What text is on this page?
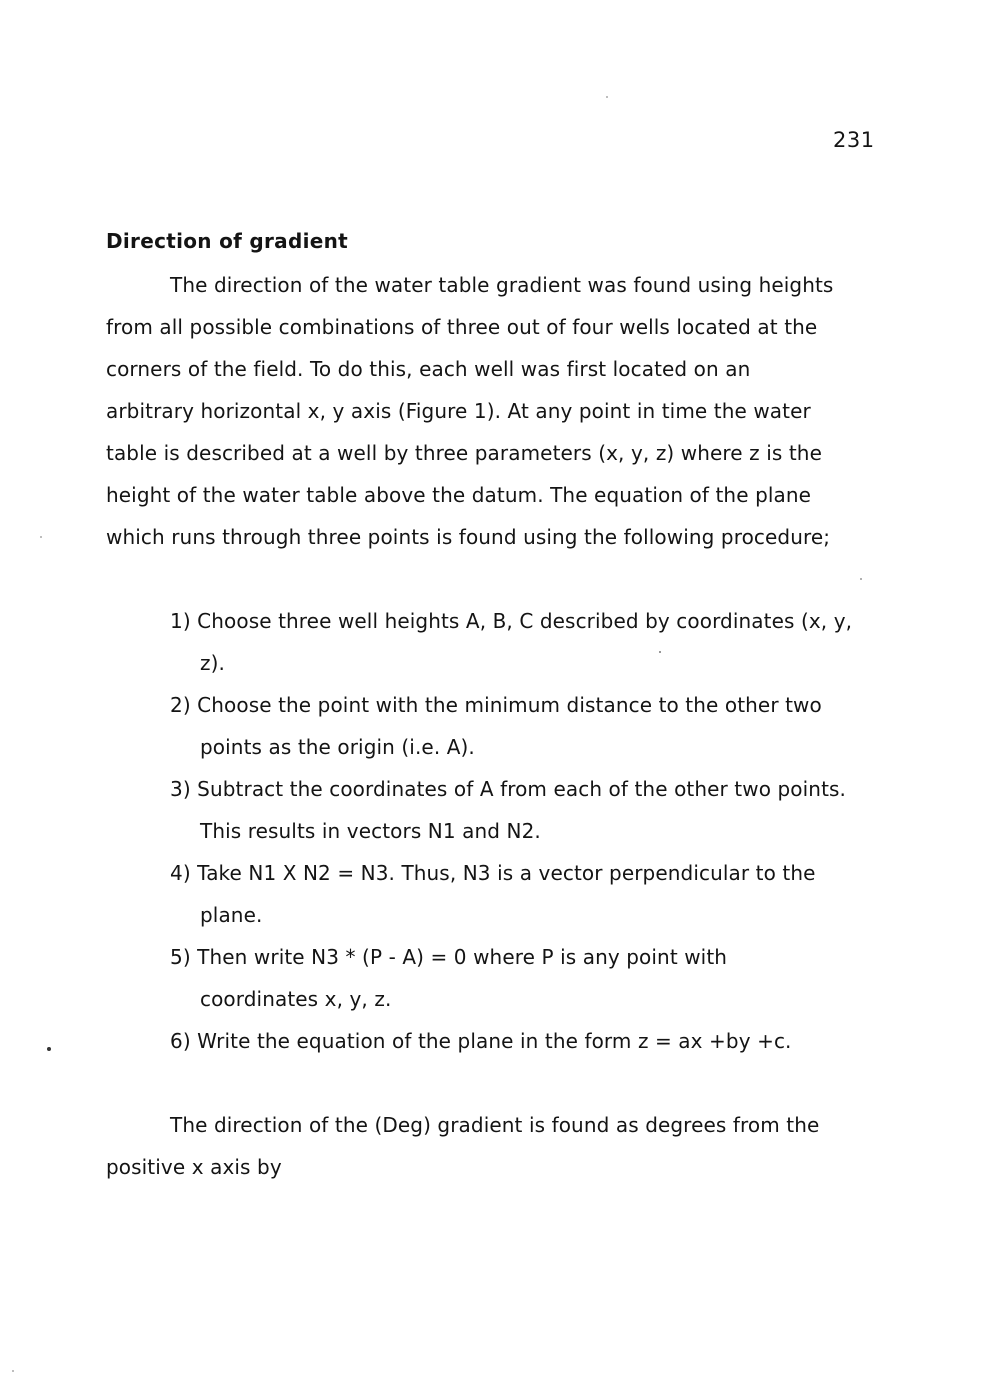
231
Direction of gradient
The direction of the water table gradient was found using heights
from all possible combinations of three out of four wells located at the
corners of the field. To do this, each well was first located on an
arbitrary horizontal x, y axis (Figure 1). At any point in time the water
table is described at a well by three parameters (x, y, z) where z is the
height of the water table above the datum. The equation of the plane
which runs through three points is found using the following procedure;
1) Choose three well heights A, B, C described by coordinates (x, y,
z).
2) Choose the point with the minimum distance to the other two
points as the origin (i.e. A).
3) Subtract the coordinates of A from each of the other two points.
This results in vectors N1 and N2.
4) Take N1 X N2 = N3. Thus, N3 is a vector perpendicular to the
plane.
5) Then write N3 * (P - A) = 0 where P is any point with
coordinates x, y, z.
6) Write the equation of the plane in the form z = ax +by +c.
The direction of the (Deg) gradient is found as degrees from the
positive x axis by
